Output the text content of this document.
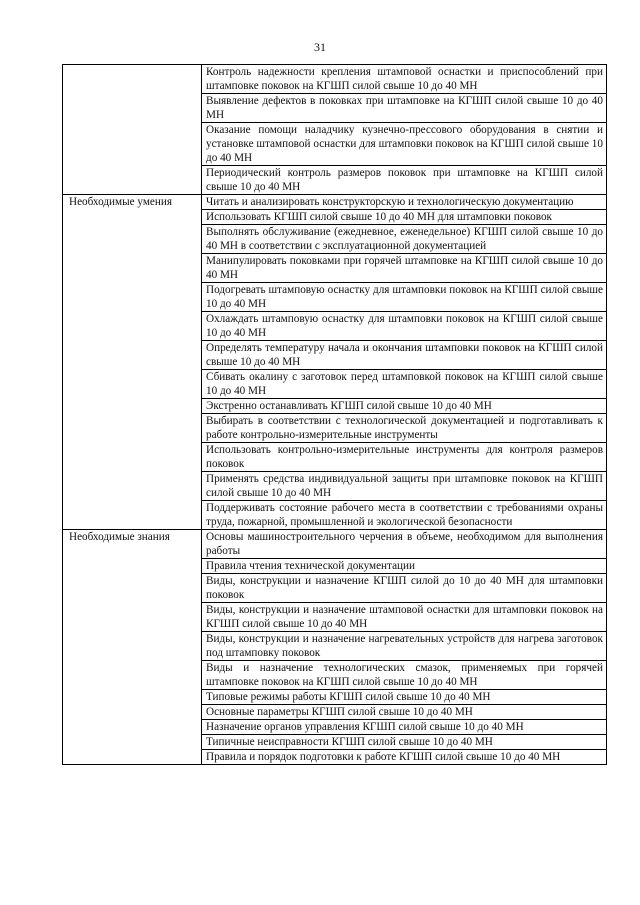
31
	Контроль надежности крепления штамповой оснастки и приспособлений при штамповке поковок на КГШП силой свыше 10 до 40 МН
	Выявление дефектов в поковках при штамповке на КГШП силой свыше 10 до 40 МН
	Оказание помощи наладчику кузнечно-прессового оборудования в снятии и установке штамповой оснастки для штамповки поковок на КГШП силой свыше 10 до 40 МН
	Периодический контроль размеров поковок при штамповке на КГШП силой свыше 10 до 40 МН

Необходимые умения	Читать и анализировать конструкторскую и технологическую документацию
	Использовать КГШП силой свыше 10 до 40 МН для штамповки поковок
	Выполнять обслуживание (ежедневное, еженедельное) КГШП силой свыше 10 до 40 МН в соответствии с эксплуатационной документацией
	Манипулировать поковками при горячей штамповке на КГШП силой свыше 10 до 40 МН
	Подогревать штамповую оснастку для штамповки поковок на КГШП силой свыше 10 до 40 МН
	Охлаждать штамповую оснастку для штамповки поковок на КГШП силой свыше 10 до 40 МН
	Определять температуру начала и окончания штамповки поковок на КГШП силой свыше 10 до 40 МН
	Сбивать окалину с заготовок перед штамповкой поковок на КГШП силой свыше 10 до 40 МН
	Экстренно останавливать КГШП силой свыше 10 до 40 МН
	Выбирать в соответствии с технологической документацией и подготавливать к работе контрольно-измерительные инструменты
	Использовать контрольно-измерительные инструменты для контроля размеров поковок
	Применять средства индивидуальной защиты при штамповке поковок на КГШП силой свыше 10 до 40 МН
	Поддерживать состояние рабочего места в соответствии с требованиями охраны труда, пожарной, промышленной и экологической безопасности

Необходимые знания	Основы машиностроительного черчения в объеме, необходимом для выполнения работы
	Правила чтения технической документации
	Виды, конструкции и назначение КГШП силой до 10 до 40 МН для штамповки поковок
	Виды, конструкции и назначение штамповой оснастки для штамповки поковок на КГШП силой свыше 10 до 40 МН
	Виды, конструкции и назначение нагревательных устройств для нагрева заготовок под штамповку поковок
	Виды и назначение технологических смазок, применяемых при горячей штамповке поковок на КГШП силой свыше 10 до 40 МН
	Типовые режимы работы КГШП силой свыше 10 до 40 МН
	Основные параметры КГШП силой свыше 10 до 40 МН
	Назначение органов управления КГШП силой свыше 10 до 40 МН
	Типичные неисправности КГШП силой свыше 10 до 40 МН
	Правила и порядок подготовки к работе КГШП силой свыше 10 до 40 МН
